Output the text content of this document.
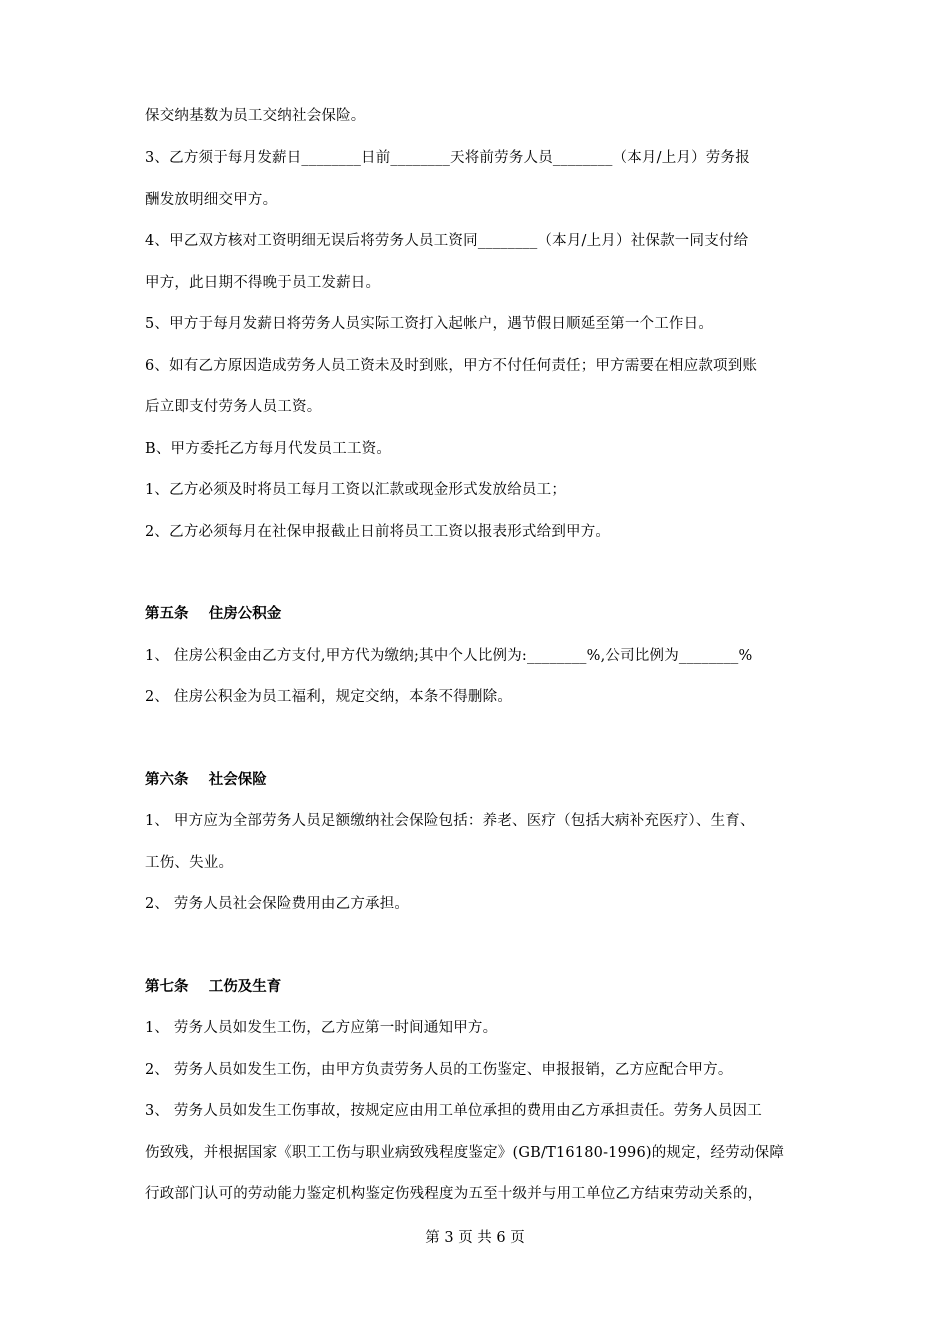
保交纳基数为员工交纳社会保险。
3、乙方须于每月发薪日________日前________天将前劳务人员________（本月/上月）劳务报
酬发放明细交甲方。
4、甲乙双方核对工资明细无误后将劳务人员工资同________（本月/上月）社保款一同支付给
甲方，此日期不得晚于员工发薪日。
5、甲方于每月发薪日将劳务人员实际工资打入起帐户，遇节假日顺延至第一个工作日。
6、如有乙方原因造成劳务人员工资未及时到账，甲方不付任何责任；甲方需要在相应款项到账
后立即支付劳务人员工资。
B、甲方委托乙方每月代发员工工资。
1、乙方必须及时将员工每月工资以汇款或现金形式发放给员工；
2、乙方必须每月在社保申报截止日前将员工工资以报表形式给到甲方。
第五条    住房公积金
1、 住房公积金由乙方支付,甲方代为缴纳;其中个人比例为:________%,公司比例为________%
2、 住房公积金为员工福利，规定交纳，本条不得删除。
第六条    社会保险
1、 甲方应为全部劳务人员足额缴纳社会保险包括：养老、医疗（包括大病补充医疗）、生育、
工伤、失业。
2、 劳务人员社会保险费用由乙方承担。
第七条    工伤及生育
1、 劳务人员如发生工伤，乙方应第一时间通知甲方。
2、 劳务人员如发生工伤，由甲方负责劳务人员的工伤鉴定、申报报销，乙方应配合甲方。
3、 劳务人员如发生工伤事故，按规定应由用工单位承担的费用由乙方承担责任。劳务人员因工
伤致残，并根据国家《职工工伤与职业病致残程度鉴定》(GB/T16180-1996)的规定，经劳动保障
行政部门认可的劳动能力鉴定机构鉴定伤残程度为五至十级并与用工单位乙方结束劳动关系的，
第 3 页 共 6 页
